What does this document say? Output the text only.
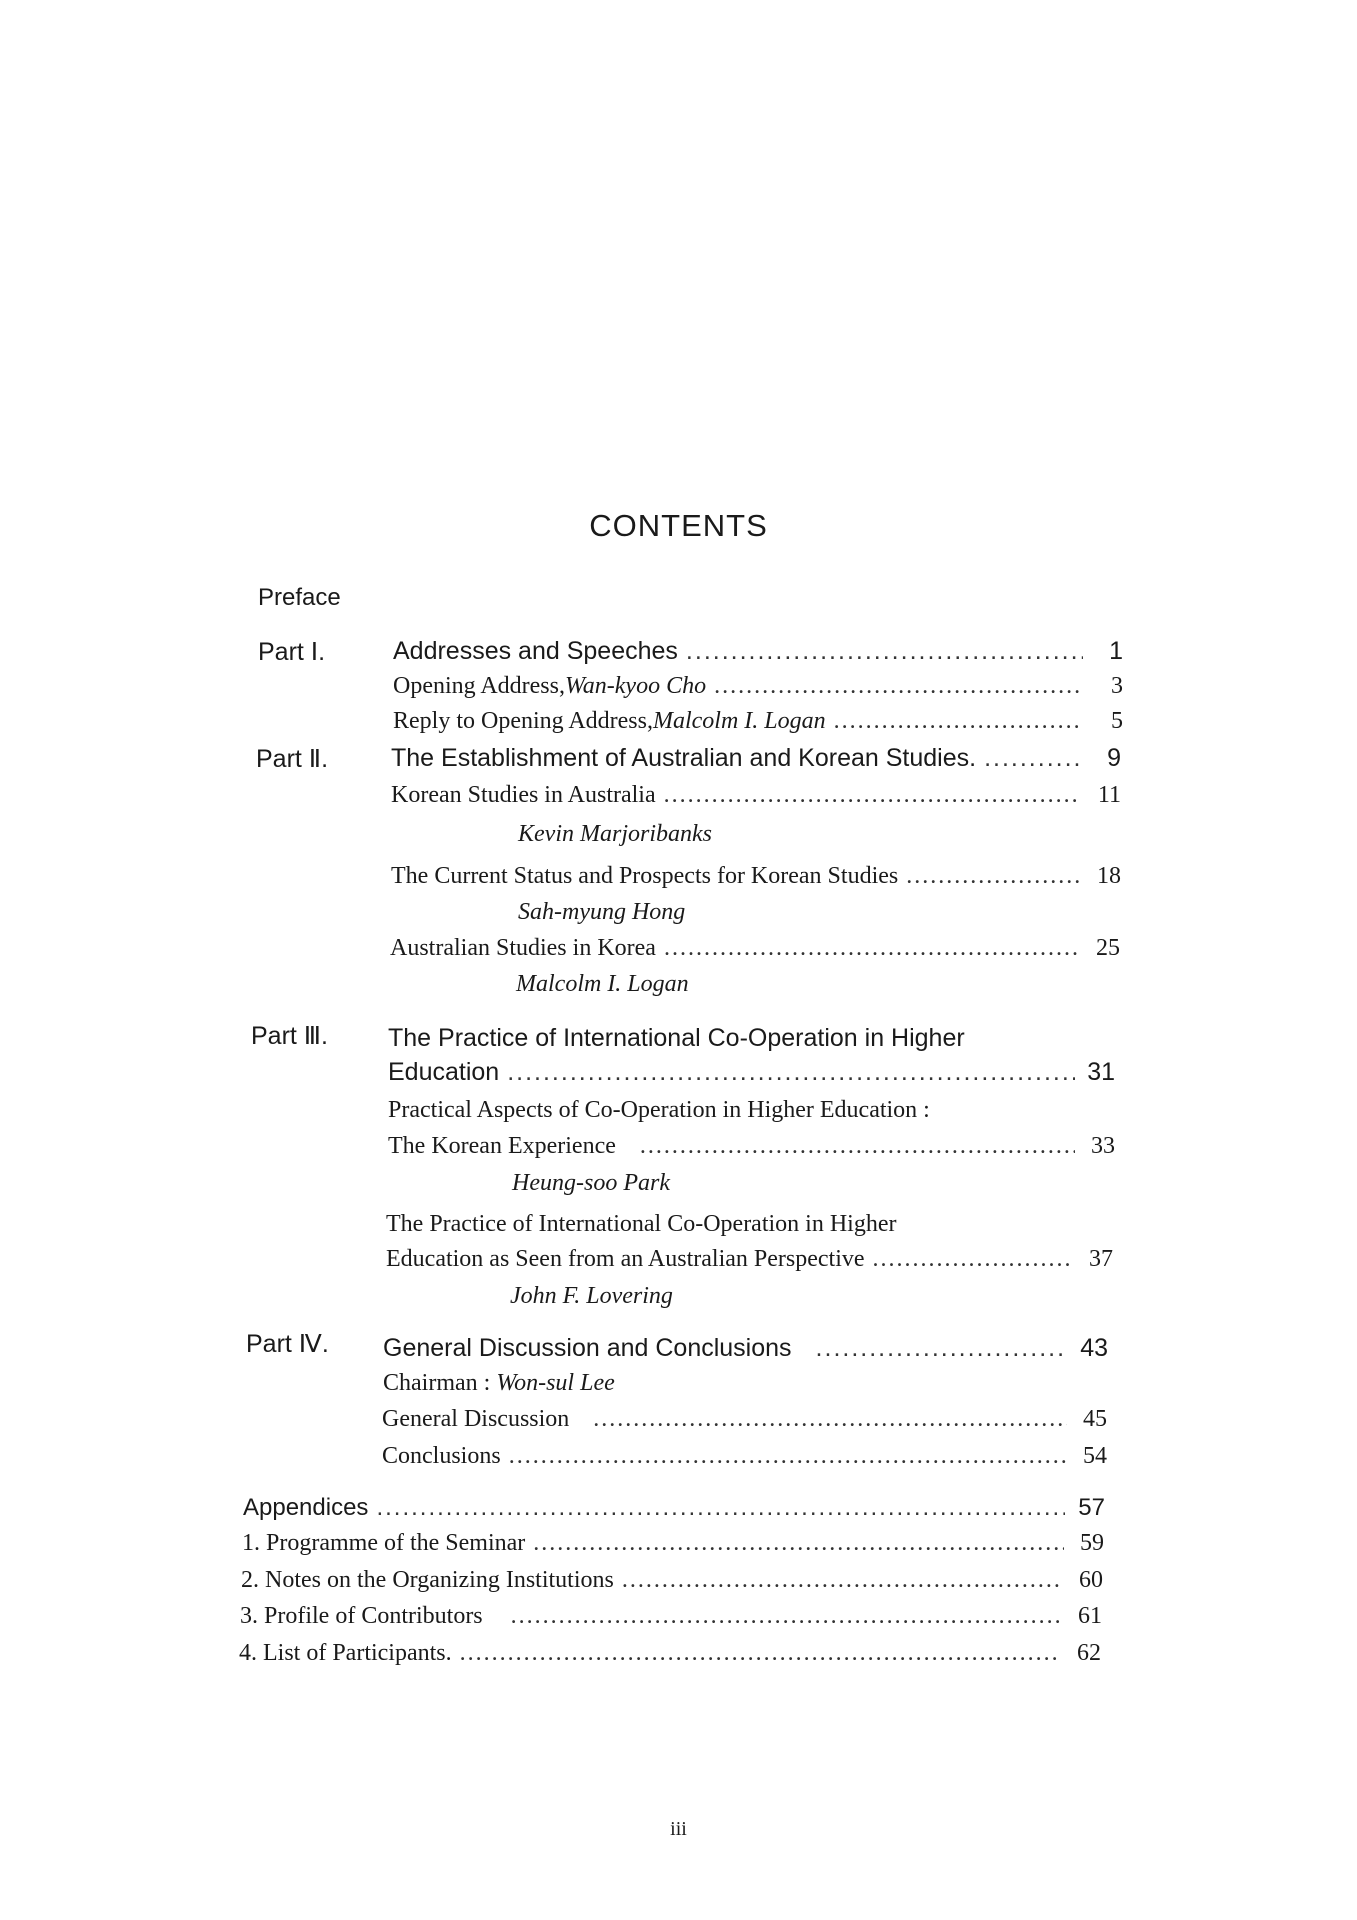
CONTENTS
Preface
Part Ⅰ.	Addresses and Speeches .....	1
Opening Address, Wan-kyoo Cho .....	3
Reply to Opening Address, Malcolm I. Logan .....	5
Part Ⅱ.	The Establishment of Australian and Korean Studies. .....	9
Korean Studies in Australia .....	11
Kevin Marjoribanks
The Current Status and Prospects for Korean Studies .....	18
Sah-myung Hong
Australian Studies in Korea .....	25
Malcolm I. Logan
Part Ⅲ. The Practice of International Co-Operation in Higher
Education .....	31
Practical Aspects of Co-Operation in Higher Education :
The Korean Experience .....	33
Heung-soo Park
The Practice of International Co-Operation in Higher
Education as Seen from an Australian Perspective .....	37
John F. Lovering
Part Ⅳ. General Discussion and Conclusions .....	43
Chairman : Won-sul Lee
General Discussion .....	45
Conclusions .....	54
Appendices .....	57
1. Programme of the Seminar .....	59
2. Notes on the Organizing Institutions .....	60
3. Profile of Contributors .....	61
4. List of Participants. .....	62
iii
